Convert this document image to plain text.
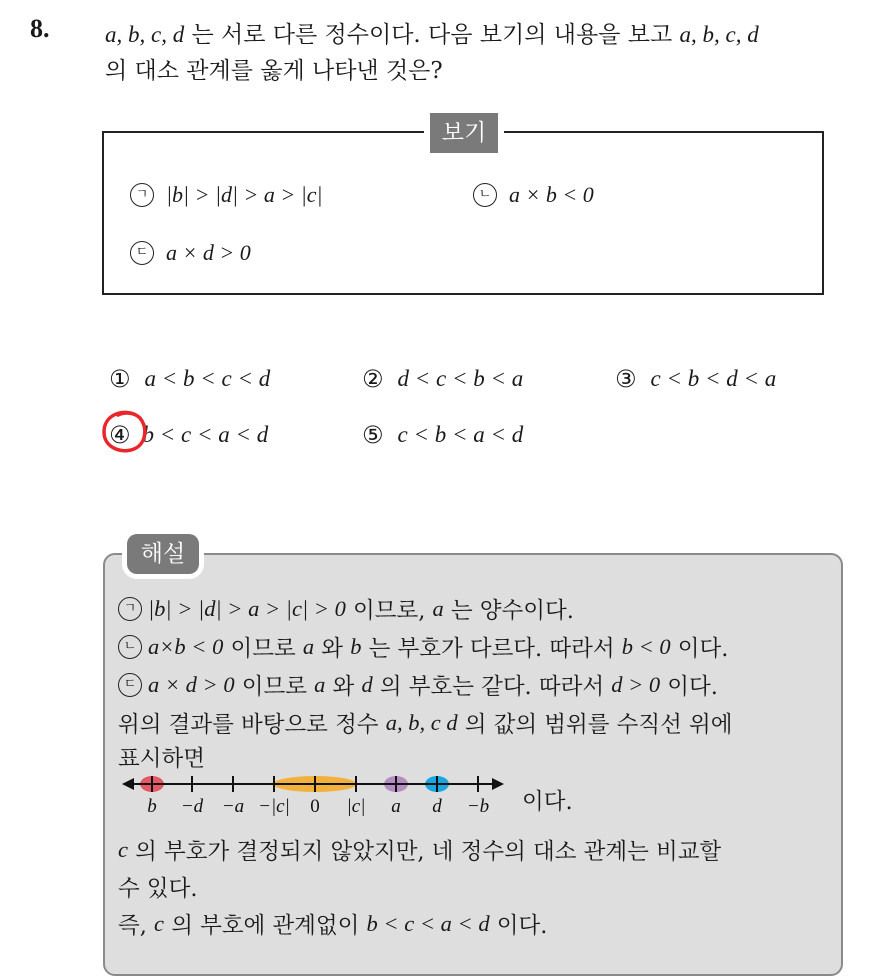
8. a, b, c, d 는 서로 다른 정수이다. 다음 보기의 내용을 보고 a, b, c, d
의 대소 관계를 옳게 나타낸 것은?
보기
ㄱ |b| > |d| > a > |c|	ㄴ a × b < 0
ㄷ a × d > 0
① a < b < c < d	② d < c < b < a	③ c < b < d < a
④ b < c < a < d	⑤ c < b < a < d
해설
ㄱ |b| > |d| > a > |c| > 0 이므로, a 는 양수이다.
ㄴ a×b < 0 이므로 a 와 b 는 부호가 다르다. 따라서 b < 0 이다.
ㄷ a × d > 0 이므로 a 와 d 의 부호는 같다. 따라서 d > 0 이다.
위의 결과를 바탕으로 정수 a, b, c d 의 값의 범위를 수직선 위에
표시하면
b −d −a −|c| 0 |c| a d −b 이다.
c 의 부호가 결정되지 않았지만, 네 정수의 대소 관계는 비교할
수 있다.
즉, c 의 부호에 관계없이 b < c < a < d 이다.
